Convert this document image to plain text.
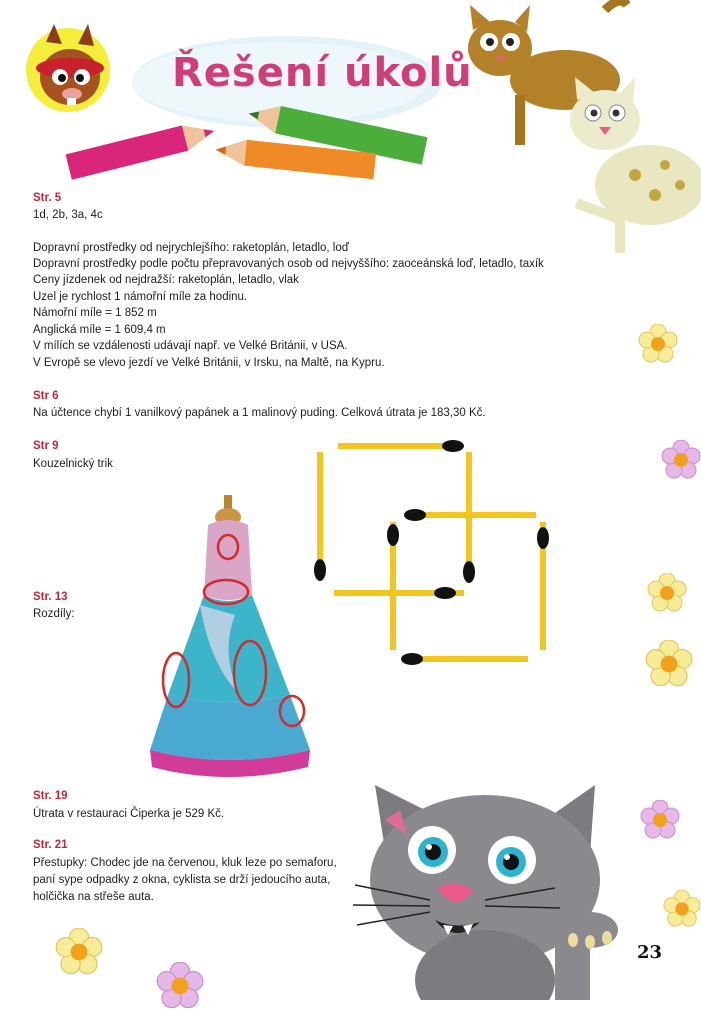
Řešení úkolů
Str. 5
1d, 2b, 3a, 4c
Dopravní prostředky od nejrychlejšího: raketoplán, letadlo, loď
Dopravní prostředky podle počtu přepravovaných osob od nejvyššího: zaoceánská loď, letadlo, taxík
Ceny jízdenek od nejdražší: raketoplán, letadlo, vlak
Uzel je rychlost 1 námořní míle za hodinu.
Námořní míle = 1 852 m
Anglická míle = 1 609,4 m
V mílích se vzdálenosti udávají např. ve Velké Británii, v USA.
V Evropě se vlevo jezdí ve Velké Británii, v Irsku, na Maltě, na Kypru.
Str 6
Na účtence chybí 1 vanilkový papánek a 1 malinový puding. Celková útrata je 183,30 Kč.
Str 9
Kouzelnický trik
Str. 13
Rozdíly:
Str. 19
Útrata v restauraci Čiperka je 529 Kč.
Str. 21
Přestupky: Chodec jde na červenou, kluk leze po semaforu,
paní sype odpadky z okna, cyklista se drží jedoucího auta,
holčička na střeše auta.
23
